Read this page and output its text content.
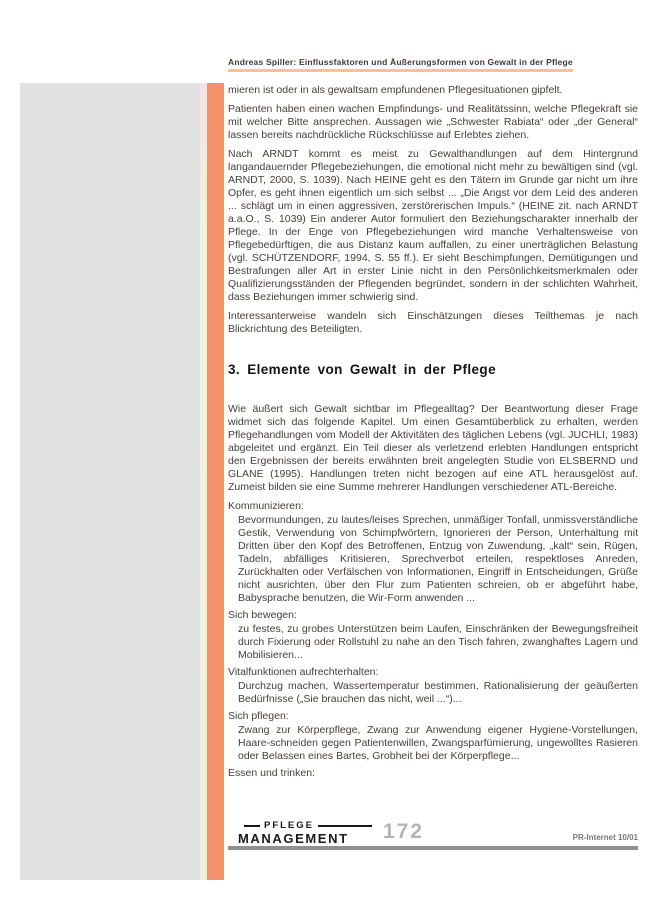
Andreas Spiller: Einflussfaktoren und Äußerungsformen von Gewalt in der Pflege

mieren ist oder in als gewaltsam empfundenen Pflegesituationen gipfelt.

Patienten haben einen wachen Empfindungs- und Realitätssinn, welche Pflegekraft sie mit welcher Bitte ansprechen. Aussagen wie „Schwester Rabiata“ oder „der General“ lassen bereits nachdrückliche Rückschlüsse auf Erlebtes ziehen.

Nach ARNDT kommt es meist zu Gewalthandlungen auf dem Hintergrund langandauernder Pflegebeziehungen, die emotional nicht mehr zu bewältigen sind (vgl. ARNDT, 2000, S. 1039). Nach HEINE geht es den Tätern im Grunde gar nicht um ihre Opfer, es geht ihnen eigentlich um sich selbst ... „Die Angst vor dem Leid des anderen ... schlägt um in einen aggressiven, zerstörerischen Impuls.“ (HEINE zit. nach ARNDT a.a.O., S. 1039) Ein anderer Autor formuliert den Beziehungscharakter innerhalb der Pflege. In der Enge von Pflegebeziehungen wird manche Verhaltensweise von Pflegebedürftigen, die aus Distanz kaum auffallen, zu einer unerträglichen Belastung (vgl. SCHÜTZENDORF, 1994, S. 55 ff.). Er sieht Beschimpfungen, Demütigungen und Bestrafungen aller Art in erster Linie nicht in den Persönlichkeitsmerkmalen oder Qualifizierungsständen der Pflegenden begründet, sondern in der schlichten Wahrheit, dass Beziehungen immer schwierig sind.

Interessanterweise wandeln sich Einschätzungen dieses Teilthemas je nach Blickrichtung des Beteiligten.

3. Elemente von Gewalt in der Pflege

Wie äußert sich Gewalt sichtbar im Pflegealltag? Der Beantwortung dieser Frage widmet sich das folgende Kapitel. Um einen Gesamtüberblick zu erhalten, werden Pflegehandlungen vom Modell der Aktivitäten des täglichen Lebens (vgl. JUCHLI, 1983) abgeleitet und ergänzt. Ein Teil dieser als verletzend erlebten Handlungen entspricht den Ergebnissen der bereits erwähnten breit angelegten Studie von ELSBERND und GLANE (1995). Handlungen treten nicht bezogen auf eine ATL herausgelöst auf. Zumeist bilden sie eine Summe mehrerer Handlungen verschiedener ATL-Bereiche.

Kommunizieren:

Bevormundungen, zu lautes/leises Sprechen, unmäßiger Tonfall, unmissverständliche Gestik, Verwendung von Schimpfwörtern, Ignorieren der Person, Unterhaltung mit Dritten über den Kopf des Betroffenen, Entzug von Zuwendung, „kalt“ sein, Rügen, Tadeln, abfälliges Kritisieren, Sprechverbot erteilen, respektloses Anreden, Zurückhalten oder Verfälschen von Informationen, Eingriff in Entscheidungen, Grüße nicht ausrichten, über den Flur zum Patienten schreien, ob er abgeführt habe, Babysprache benutzen, die Wir-Form anwenden ...

Sich bewegen:

zu festes, zu grobes Unterstützen beim Laufen, Einschränken der Bewegungsfreiheit durch Fixierung oder Rollstuhl zu nahe an den Tisch fahren, zwanghaftes Lagern und Mobilisieren...

Vitalfunktionen aufrechterhalten:

Durchzug machen, Wassertemperatur bestimmen, Rationalisierung der geäußerten Bedürfnisse („Sie brauchen das nicht, weil ...“)...

Sich pflegen:

Zwang zur Körperpflege, Zwang zur Anwendung eigener Hygiene-Vorstellungen, Haare-schneiden gegen Patientenwillen, Zwangsparfümierung, ungewolltes Rasieren oder Belassen eines Bartes, Grobheit bei der Körperpflege...

Essen und trinken:

PFLEGE
MANAGEMENT	172	PR-Internet 10/01
